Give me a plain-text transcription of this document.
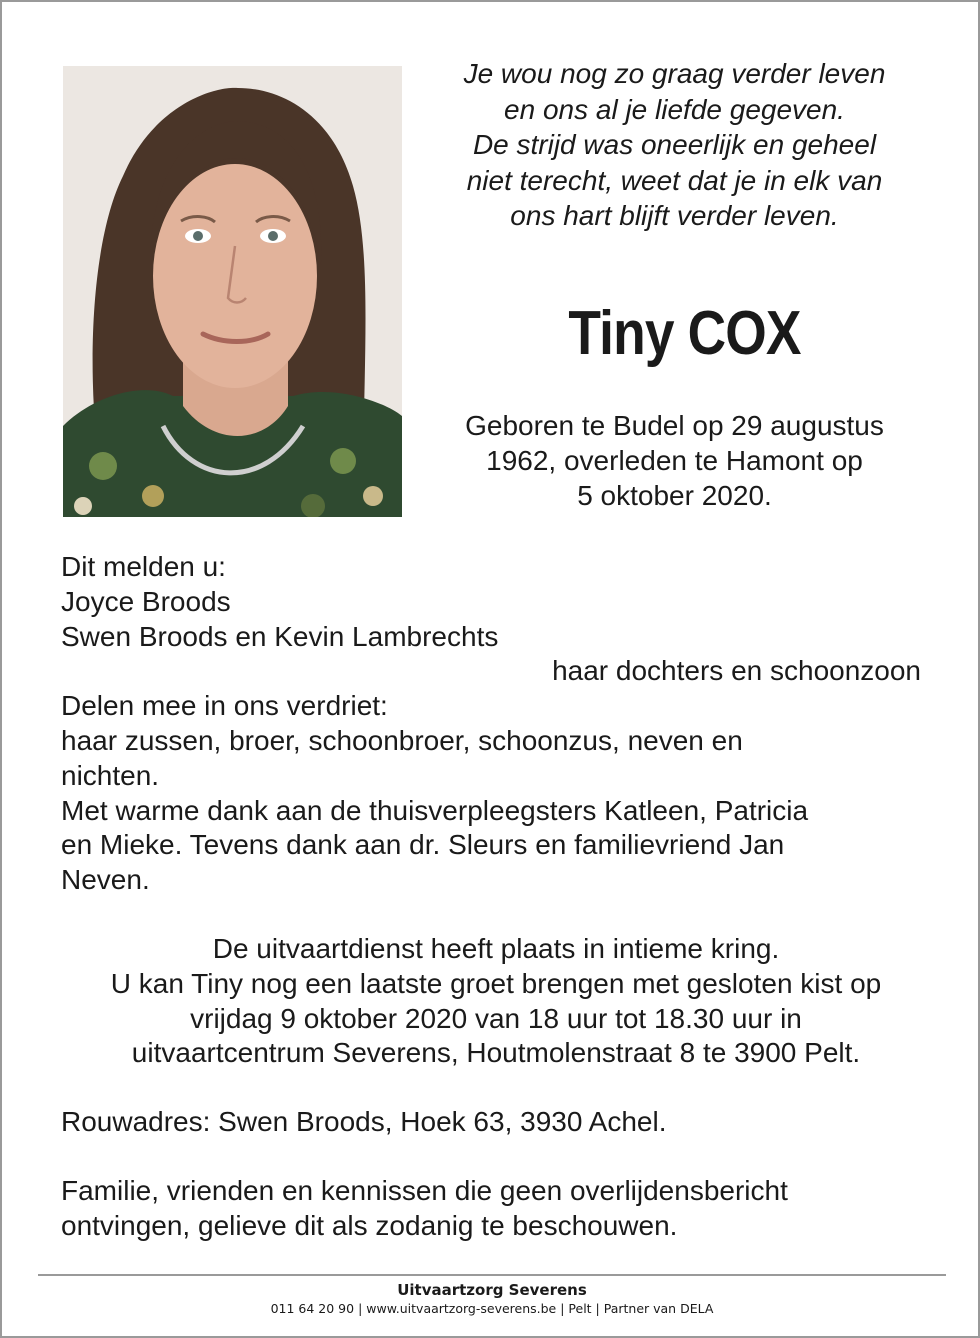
Je wou nog zo graag verder leven
en ons al je liefde gegeven.
De strijd was oneerlijk en geheel
niet terecht, weet dat je in elk van
ons hart blijft verder leven.
Tiny COX
Geboren te Budel op 29 augustus
1962, overleden te Hamont op
5 oktober 2020.
Dit melden u:
Joyce Broods
Swen Broods en Kevin Lambrechts
haar dochters en schoonzoon
Delen mee in ons verdriet:
haar zussen, broer, schoonbroer, schoonzus, neven en
nichten.
Met warme dank aan de thuisverpleegsters Katleen, Patricia
en Mieke. Tevens dank aan dr. Sleurs en familievriend Jan
Neven.
De uitvaartdienst heeft plaats in intieme kring.
U kan Tiny nog een laatste groet brengen met gesloten kist op
vrijdag 9 oktober 2020 van 18 uur tot 18.30 uur in
uitvaartcentrum Severens, Houtmolenstraat 8 te 3900 Pelt.
Rouwadres: Swen Broods, Hoek 63, 3930 Achel.
Familie, vrienden en kennissen die geen overlijdensbericht
ontvingen, gelieve dit als zodanig te beschouwen.
Uitvaartzorg Severens
011 64 20 90 | www.uitvaartzorg-severens.be | Pelt | Partner van DELA
